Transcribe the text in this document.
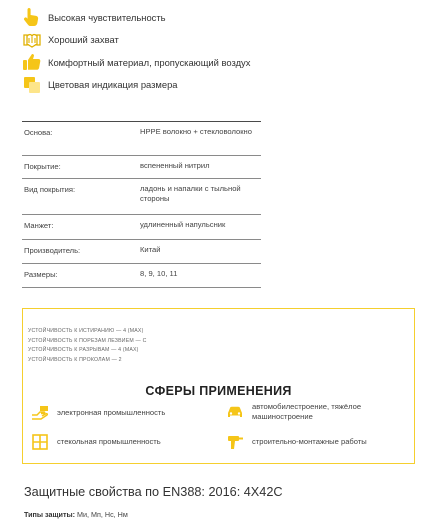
Высокая чувствительность
Хороший захват
Комфортный материал, пропускающий воздух
Цветовая индикация размера
Основа:	HPPE волокно + стекловолокно
Покрытие:	вспененный нитрил
Вид покрытия:	ладонь и напалки с тыльной стороны
Манжет:	удлиненный напульсник
Производитель:	Китай
Размеры:	8, 9, 10, 11
УСТОЙЧИВОСТЬ К ИСТИРАНИЮ — 4 (MAX)
УСТОЙЧИВОСТЬ К ПОРЕЗАМ ЛЕЗВИЕМ — C
УСТОЙЧИВОСТЬ К РАЗРЫВАМ — 4 (MAX)
УСТОЙЧИВОСТЬ К ПРОКОЛАМ — 2
СФЕРЫ ПРИМЕНЕНИЯ
электронная промышленность
автомобилестроение, тяжёлое машиностроение
стекольная промышленность	строительно-монтажные работы
Защитные свойства по EN388: 2016: 4X42C
Типы защиты: Ми, Мп, Нс, Нм
